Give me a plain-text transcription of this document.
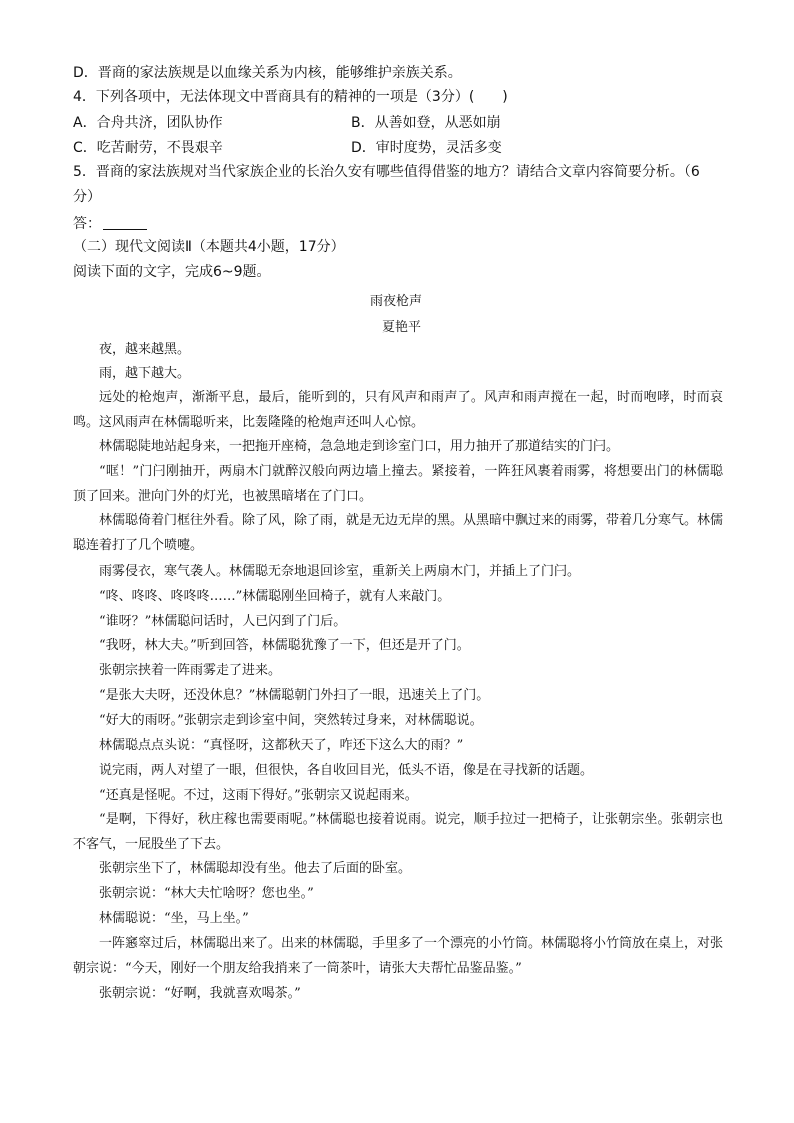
D．晋商的家法族规是以血缘关系为内核，能够维护亲族关系。
4．下列各项中，无法体现文中晋商具有的精神的一项是（3分）(　　)
A．合舟共济，团队协作	B．从善如登，从恶如崩
C．吃苦耐劳，不畏艰辛	D．审时度势，灵活多变
5．晋商的家法族规对当代家族企业的长治久安有哪些值得借鉴的地方？请结合文章内容简要分析。（6
分）
答：
（二）现代文阅读Ⅱ（本题共4小题，17分）
阅读下面的文字，完成6~9题。
雨夜枪声
夏艳平
夜，越来越黑。
雨，越下越大。
远处的枪炮声，渐渐平息，最后，能听到的，只有风声和雨声了。风声和雨声搅在一起，时而咆哮，时而哀鸣。这风雨声在林儒聪听来，比轰隆隆的枪炮声还叫人心惊。
林儒聪陡地站起身来，一把拖开座椅，急急地走到诊室门口，用力抽开了那道结实的门闩。
“哐！”门闩刚抽开，两扇木门就醉汉般向两边墙上撞去。紧接着，一阵狂风裹着雨雾，将想要出门的林儒聪顶了回来。泄向门外的灯光，也被黑暗堵在了门口。
林儒聪倚着门框往外看。除了风，除了雨，就是无边无岸的黑。从黑暗中飘过来的雨雾，带着几分寒气。林儒聪连着打了几个喷嚏。
雨雾侵衣，寒气袭人。林儒聪无奈地退回诊室，重新关上两扇木门，并插上了门闩。
“咚、咚咚、咚咚咚……”林儒聪刚坐回椅子，就有人来敲门。
“谁呀？”林儒聪问话时，人已闪到了门后。
“我呀，林大夫。”听到回答，林儒聪犹豫了一下，但还是开了门。
张朝宗挟着一阵雨雾走了进来。
“是张大夫呀，还没休息？”林儒聪朝门外扫了一眼，迅速关上了门。
“好大的雨呀。”张朝宗走到诊室中间，突然转过身来，对林儒聪说。
林儒聪点点头说：“真怪呀，这都秋天了，咋还下这么大的雨？”
说完雨，两人对望了一眼，但很快，各自收回目光，低头不语，像是在寻找新的话题。
“还真是怪呢。不过，这雨下得好。”张朝宗又说起雨来。
“是啊，下得好，秋庄稼也需要雨呢。”林儒聪也接着说雨。说完，顺手拉过一把椅子，让张朝宗坐。张朝宗也不客气，一屁股坐了下去。
张朝宗坐下了，林儒聪却没有坐。他去了后面的卧室。
张朝宗说：“林大夫忙啥呀？您也坐。”
林儒聪说：“坐，马上坐。”
一阵窸窣过后，林儒聪出来了。出来的林儒聪，手里多了一个漂亮的小竹筒。林儒聪将小竹筒放在桌上，对张朝宗说：“今天，刚好一个朋友给我捎来了一筒茶叶，请张大夫帮忙品鉴品鉴。”
张朝宗说：“好啊，我就喜欢喝茶。”
